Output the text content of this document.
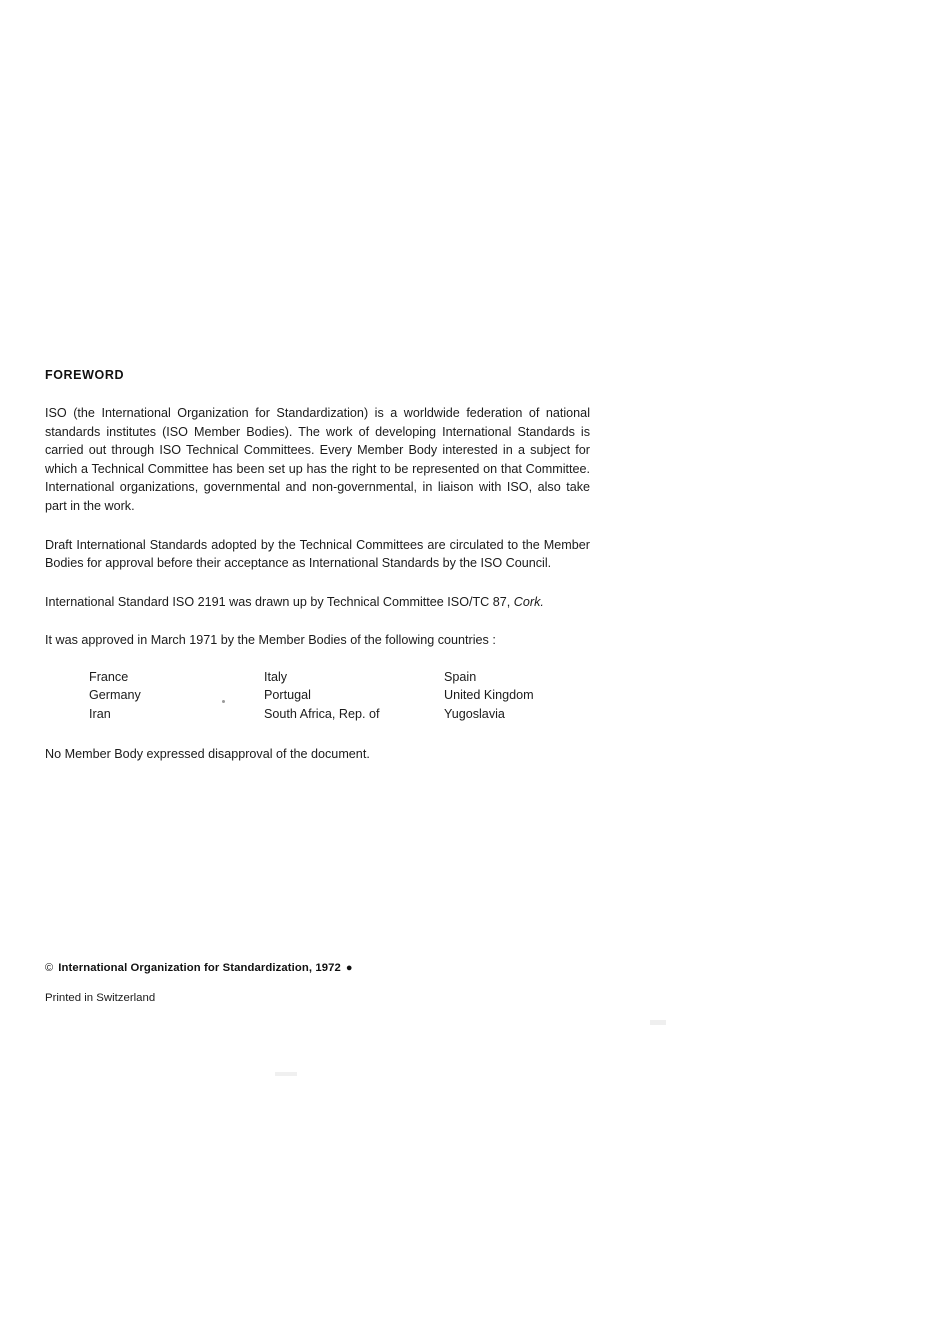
FOREWORD

ISO (the International Organization for Standardization) is a worldwide federation of national standards institutes (ISO Member Bodies). The work of developing International Standards is carried out through ISO Technical Committees. Every Member Body interested in a subject for which a Technical Committee has been set up has the right to be represented on that Committee. International organizations, governmental and non-governmental, in liaison with ISO, also take part in the work.

Draft International Standards adopted by the Technical Committees are circulated to the Member Bodies for approval before their acceptance as International Standards by the ISO Council.

International Standard ISO 2191 was drawn up by Technical Committee ISO/TC 87, Cork.

It was approved in March 1971 by the Member Bodies of the following countries :

France	Italy	Spain
Germany	Portugal	United Kingdom
Iran	South Africa, Rep. of	Yugoslavia

No Member Body expressed disapproval of the document.

© International Organization for Standardization, 1972 ●

Printed in Switzerland
